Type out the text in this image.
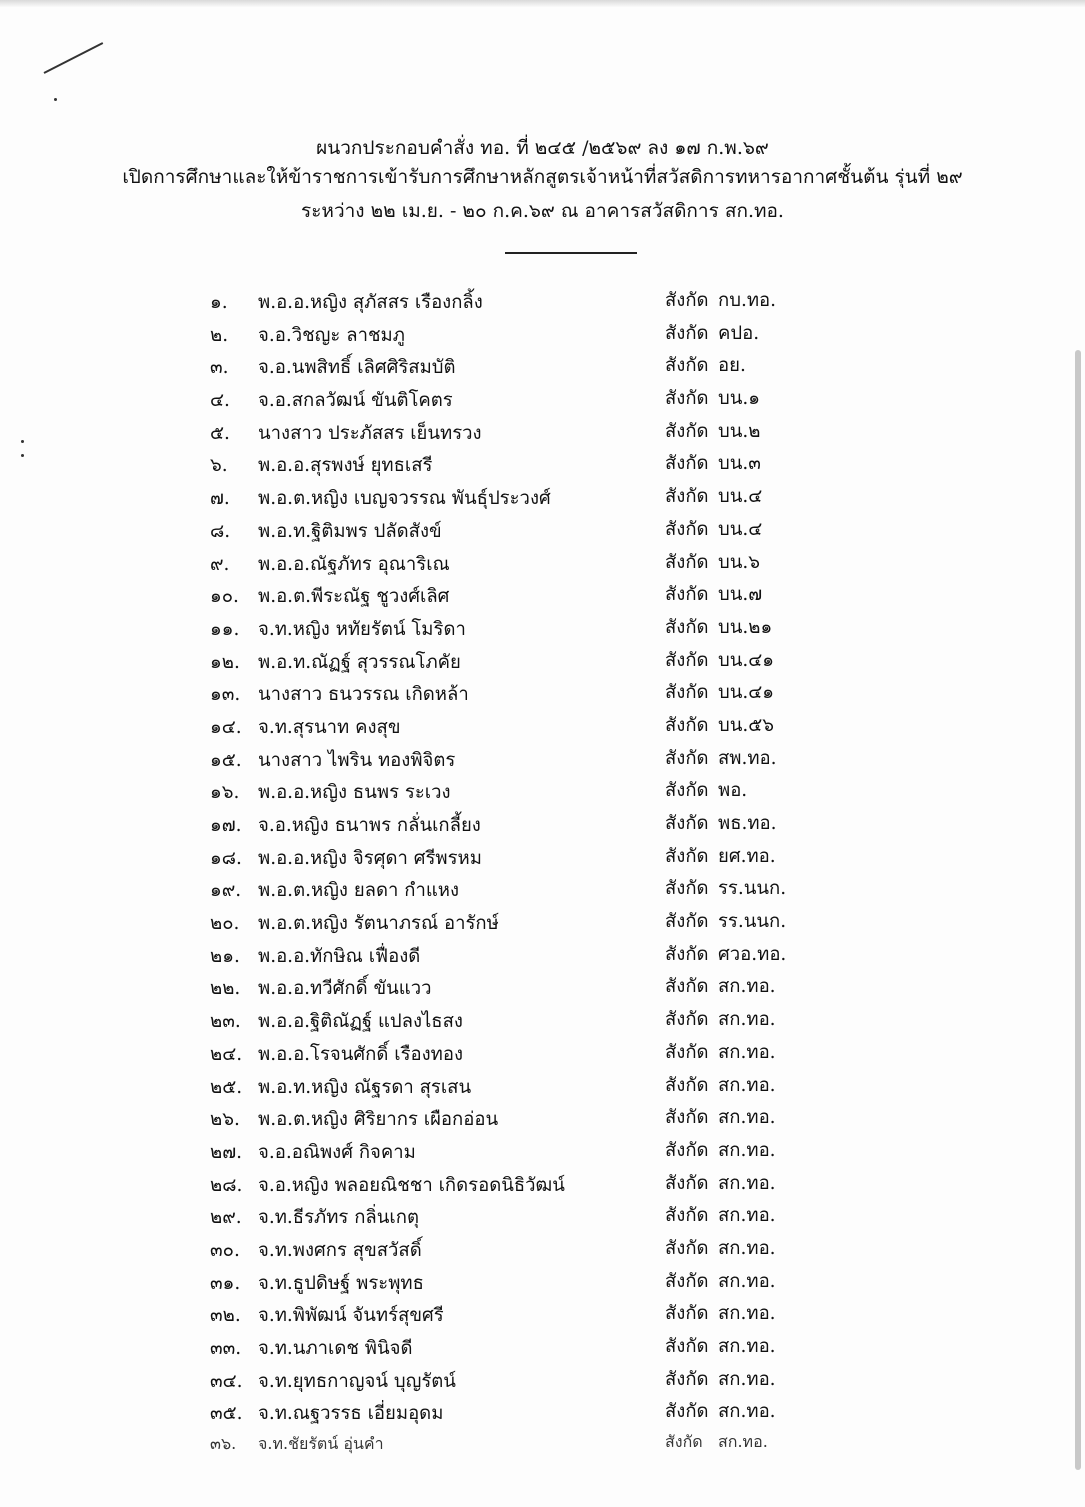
ผนวกประกอบคำสั่ง ทอ. ที่ ๒๔๕ /๒๕๖๙ ลง ๑๗ ก.พ.๖๙
เปิดการศึกษาและให้ข้าราชการเข้ารับการศึกษาหลักสูตรเจ้าหน้าที่สวัสดิการทหารอากาศชั้นต้น รุ่นที่ ๒๙
ระหว่าง ๒๒ เม.ย. - ๒๐ ก.ค.๖๙ ณ อาคารสวัสดิการ สก.ทอ.
๑. พ.อ.อ.หญิง สุภัสสร เรืองกลิ้ง	สังกัด กบ.ทอ.
๒. จ.อ.วิชญะ ลาชมภู	สังกัด คปอ.
๓. จ.อ.นพสิทธิ์ เลิศศิริสมบัติ	สังกัด อย.
๔. จ.อ.สกลวัฒน์ ขันติโคตร	สังกัด บน.๑
๕. นางสาว ประภัสสร เย็นทรวง	สังกัด บน.๒
๖. พ.อ.อ.สุรพงษ์ ยุทธเสรี	สังกัด บน.๓
๗. พ.อ.ต.หญิง เบญจวรรณ พันธุ์ประวงศ์	สังกัด บน.๔
๘. พ.อ.ท.ฐิติมพร ปลัดสังข์	สังกัด บน.๔
๙. พ.อ.อ.ณัฐภัทร อุณาริเณ	สังกัด บน.๖
๑๐. พ.อ.ต.พีระณัฐ ชูวงศ์เลิศ	สังกัด บน.๗
๑๑. จ.ท.หญิง หทัยรัตน์ โมริดา	สังกัด บน.๒๑
๑๒. พ.อ.ท.ณัฏฐ์ สุวรรณโภคัย	สังกัด บน.๔๑
๑๓. นางสาว ธนวรรณ เกิดหล้า	สังกัด บน.๔๑
๑๔. จ.ท.สุรนาท คงสุข	สังกัด บน.๕๖
๑๕. นางสาว ไพริน ทองพิจิตร	สังกัด สพ.ทอ.
๑๖. พ.อ.อ.หญิง ธนพร ระเวง	สังกัด พอ.
๑๗. จ.อ.หญิง ธนาพร กลั่นเกลี้ยง	สังกัด พธ.ทอ.
๑๘. พ.อ.อ.หญิง จิรศุดา ศรีพรหม	สังกัด ยศ.ทอ.
๑๙. พ.อ.ต.หญิง ยลดา กำแหง	สังกัด รร.นนก.
๒๐. พ.อ.ต.หญิง รัตนาภรณ์ อารักษ์	สังกัด รร.นนก.
๒๑. พ.อ.อ.ทักษิณ เฟื่องดี	สังกัด ศวอ.ทอ.
๒๒. พ.อ.อ.ทวีศักดิ์ ขันแวว	สังกัด สก.ทอ.
๒๓. พ.อ.อ.ฐิติณัฏฐ์ แปลงไธสง	สังกัด สก.ทอ.
๒๔. พ.อ.อ.โรจนศักดิ์ เรืองทอง	สังกัด สก.ทอ.
๒๕. พ.อ.ท.หญิง ณัฐรดา สุรเสน	สังกัด สก.ทอ.
๒๖. พ.อ.ต.หญิง ศิริยากร เผือกอ่อน	สังกัด สก.ทอ.
๒๗. จ.อ.อณิพงศ์ กิจคาม	สังกัด สก.ทอ.
๒๘. จ.อ.หญิง พลอยณิชชา เกิดรอดนิธิวัฒน์	สังกัด สก.ทอ.
๒๙. จ.ท.ธีรภัทร กลิ่นเกตุ	สังกัด สก.ทอ.
๓๐. จ.ท.พงศกร สุขสวัสดิ์	สังกัด สก.ทอ.
๓๑. จ.ท.ธูปดิษฐ์ พระพุทธ	สังกัด สก.ทอ.
๓๒. จ.ท.พิพัฒน์ จันทร์สุขศรี	สังกัด สก.ทอ.
๓๓. จ.ท.นภาเดช พินิจดี	สังกัด สก.ทอ.
๓๔. จ.ท.ยุทธกาญจน์ บุญรัตน์	สังกัด สก.ทอ.
๓๕. จ.ท.ณฐวรรธ เอี่ยมอุดม	สังกัด สก.ทอ.
๓๖. จ.ท.ชัยรัตน์ อุ่นคำ	สังกัด สก.ทอ.
